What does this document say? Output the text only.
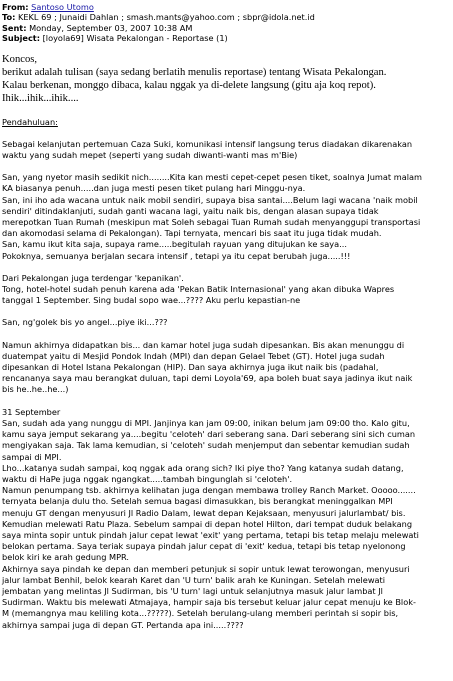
From: Santoso Utomo
To: KEKL 69 ; Junaidi Dahlan ; smash.mants@yahoo.com ; sbpr@idola.net.id
Sent: Monday, September 03, 2007 10:38 AM
Subject: [loyola69] Wisata Pekalongan - Reportase (1)

Koncos,

berikut adalah tulisan (saya sedang berlatih menulis reportase) tentang Wisata Pekalongan.

Kalau berkenan, monggo dibaca, kalau nggak ya di-delete langsung (gitu aja koq repot).

Ihik...ihik...ihik....

Pendahuluan:

Sebagai kelanjutan pertemuan Caza Suki, komunikasi intensif langsung terus diadakan dikarenakan

waktu yang sudah mepet (seperti yang sudah diwanti-wanti mas m'Bie)

San, yang nyetor masih sedikit nich........Kita kan mesti cepet-cepet pesen tiket, soalnya Jumat malam

KA biasanya penuh.....dan juga mesti pesen tiket pulang hari Minggu-nya.

San, ini iho ada wacana untuk naik mobil sendiri, supaya bisa santai....Belum lagi wacana 'naik mobil

sendiri' ditindaklanjuti, sudah ganti wacana lagi, yaitu naik bis, dengan alasan supaya tidak

merepotkan Tuan Rumah (meskipun mat Soleh sebagai Tuan Rumah sudah menyanggupi transportasi

dan akomodasi selama di Pekalongan). Tapi ternyata, mencari bis saat itu juga tidak mudah.

San, kamu ikut kita saja, supaya rame.....begitulah rayuan yang ditujukan ke saya...

Pokoknya, semuanya berjalan secara intensif , tetapi ya itu cepat berubah juga.....!!!

Dari Pekalongan juga terdengar 'kepanikan'.

Tong, hotel-hotel sudah penuh karena ada 'Pekan Batik Internasional' yang akan dibuka Wapres

tanggal 1 September. Sing budal sopo wae...???? Aku perlu kepastian-ne

San, ng'golek bis yo angel...piye iki...???

Namun akhirnya didapatkan bis... dan kamar hotel juga sudah dipesankan. Bis akan menunggu di

duatempat yaitu di Mesjid Pondok Indah (MPI) dan depan Gelael Tebet (GT). Hotel juga sudah

dipesankan di Hotel Istana Pekalongan (HIP). Dan saya akhirnya juga ikut naik bis (padahal,

rencananya saya mau berangkat duluan, tapi demi Loyola'69, apa boleh buat saya jadinya ikut naik

bis he..he..he...)

31 September

San, sudah ada yang nunggu di MPI. Janjinya kan jam 09:00, inikan belum jam 09:00 tho. Kalo gitu,

kamu saya jemput sekarang ya....begitu 'celoteh' dari seberang sana. Dari seberang sini sich cuman

mengiyakan saja. Tak lama kemudian, si 'celoteh' sudah menjemput dan sebentar kemudian sudah

sampai di MPI.

Lho...katanya sudah sampai, koq nggak ada orang sich? Iki piye tho? Yang katanya sudah datang,

waktu di HaPe juga nggak ngangkat.....tambah bingunglah si 'celoteh'.

Namun penumpang tsb. akhirnya kelihatan juga dengan membawa trolley Ranch Market. Ooooo.......

ternyata belanja dulu tho. Setelah semua bagasi dimasukkan, bis berangkat meninggalkan MPI

menuju GT dengan menyusuri Jl Radio Dalam, lewat depan Kejaksaan, menyusuri jalurlambat/ bis.

Kemudian melewati Ratu Plaza. Sebelum sampai di depan hotel Hilton, dari tempat duduk belakang

saya minta sopir untuk pindah jalur cepat lewat 'exit' yang pertama, tetapi bis tetap melaju melewati

belokan pertama. Saya teriak supaya pindah jalur cepat di 'exit' kedua, tetapi bis tetap nyelonong

belok kiri ke arah gedung MPR.

Akhirnya saya pindah ke depan dan memberi petunjuk si sopir untuk lewat terowongan, menyusuri

jalur lambat Benhil, belok kearah Karet dan 'U turn' balik arah ke Kuningan. Setelah melewati

jembatan yang melintas Jl Sudirman, bis 'U turn' lagi untuk selanjutnya masuk jalur lambat Jl

Sudirman. Waktu bis melewati Atmajaya, hampir saja bis tersebut keluar jalur cepat menuju ke Blok-

M (memangnya mau keliling kota...?????). Setelah berulang-ulang memberi perintah si sopir bis,

akhirnya sampai juga di depan GT. Pertanda apa ini.....????
